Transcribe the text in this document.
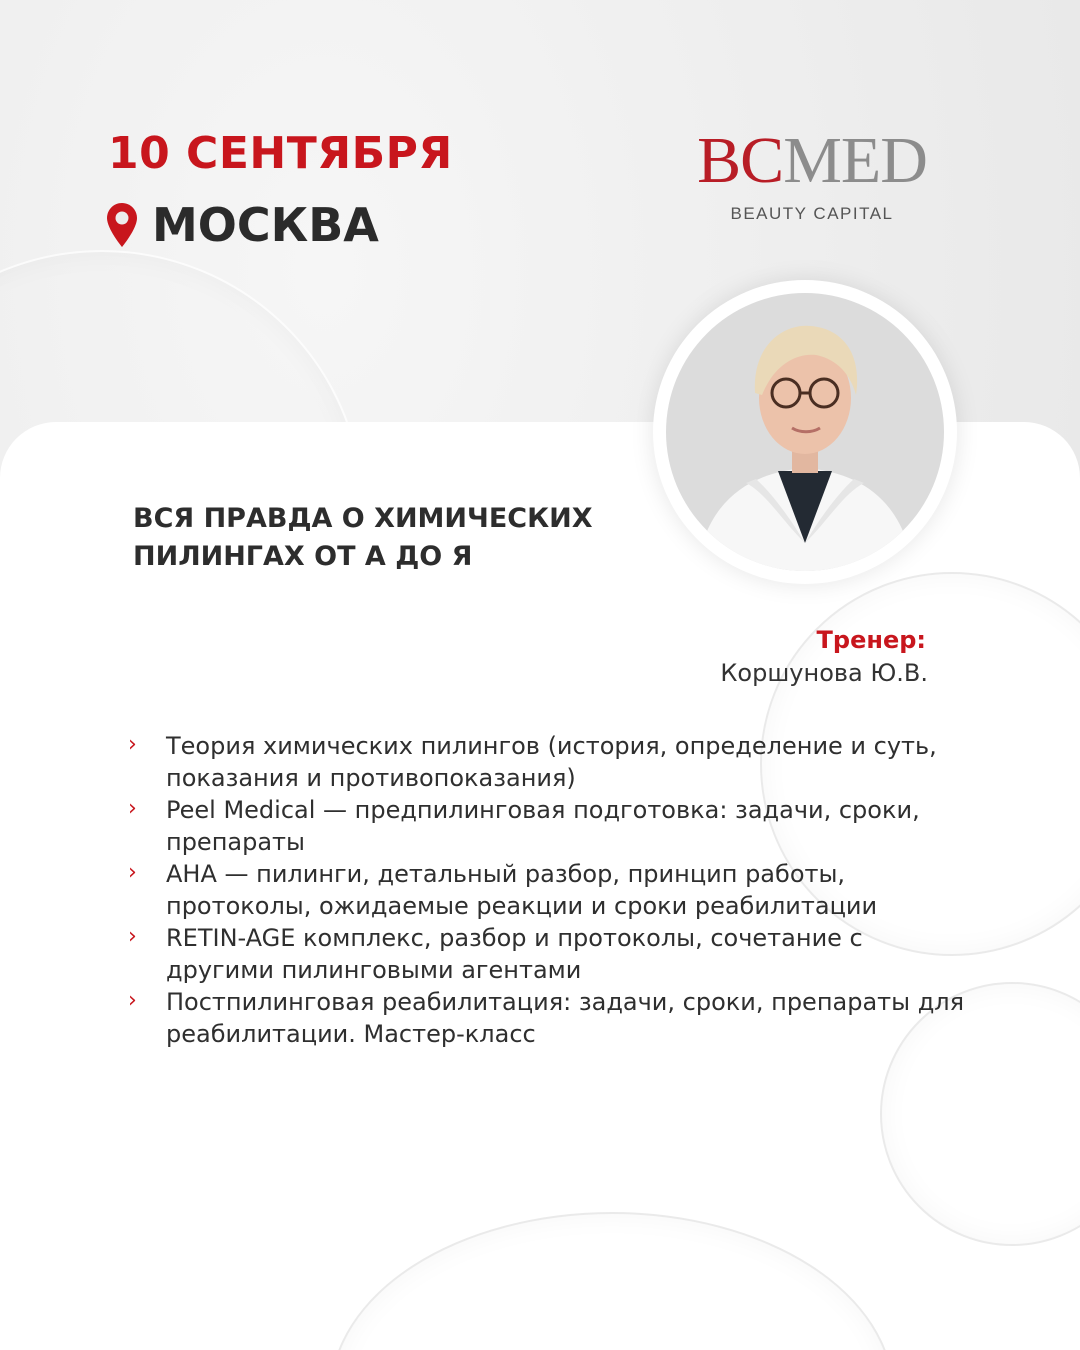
10 СЕНТЯБРЯ
МОСКВА
BCMED
BEAUTY CAPITAL
ВСЯ ПРАВДА О ХИМИЧЕСКИХ
ПИЛИНГАХ ОТ А ДО Я
Тренер:
Коршунова Ю.В.
› Теория химических пилингов (история, определение и суть, показания и противопоказания)
› Peel Medical — предпилинговая подготовка: задачи, сроки, препараты
› AHA — пилинги, детальный разбор, принцип работы, протоколы, ожидаемые реакции и сроки реабилитации
› RETIN-AGE комплекс, разбор и протоколы, сочетание с другими пилинговыми агентами
› Постпилинговая реабилитация: задачи, сроки, препараты для реабилитации. Мастер-класс
